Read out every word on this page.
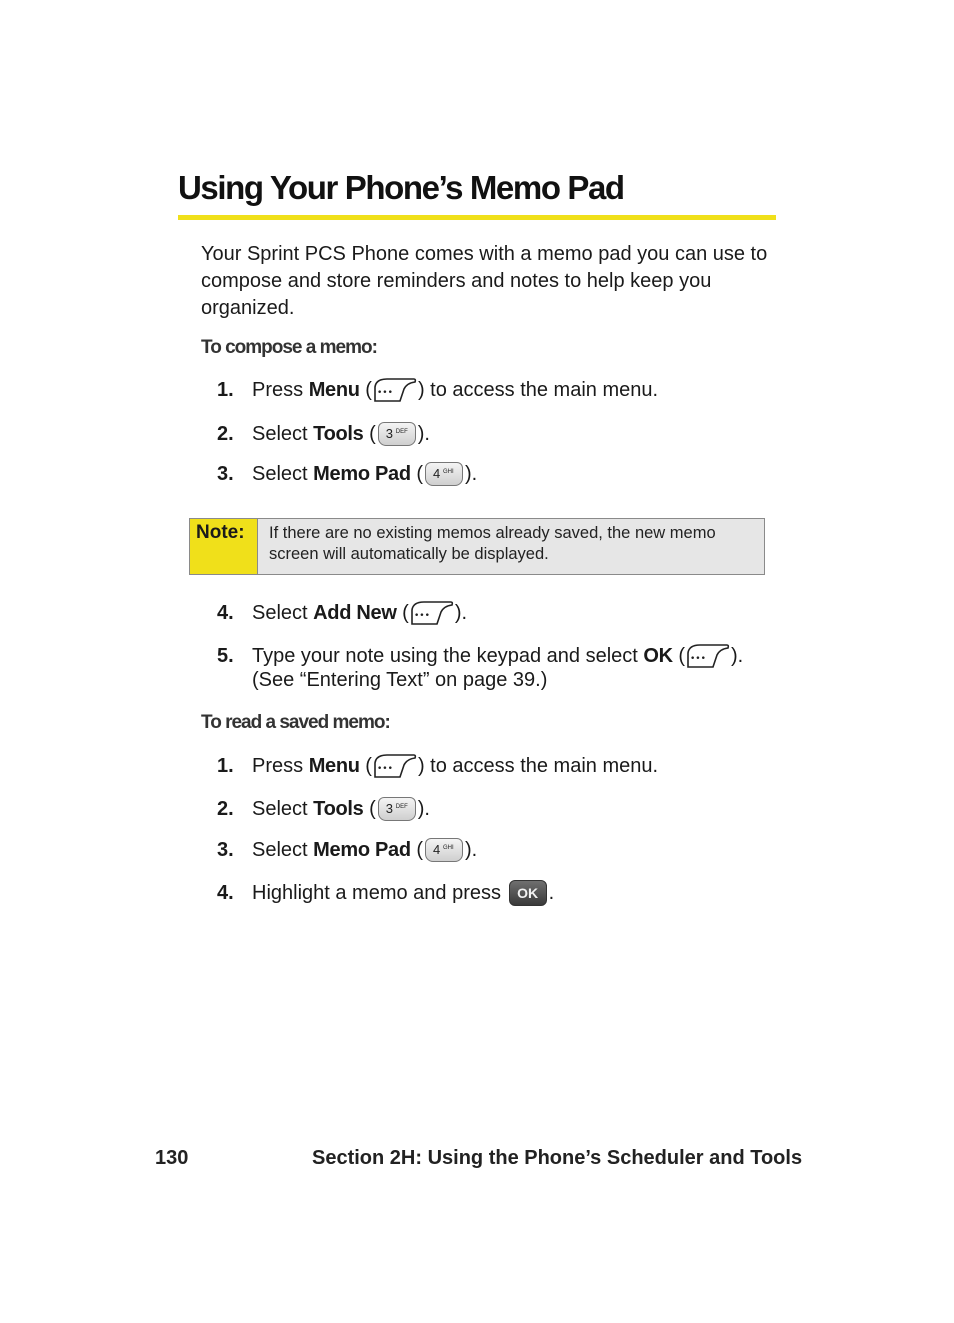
Using Your Phone’s Memo Pad

Your Sprint PCS Phone comes with a memo pad you can use to compose and store reminders and notes to help keep you organized.

To compose a memo:
1. Press Menu ( ••• ) to access the main menu.
2. Select Tools ( 3 DEF ).
3. Select Memo Pad ( 4 GHI ).
Note:	If there are no existing memos already saved, the new memo screen will automatically be displayed.
4. Select Add New ( ••• ).
5. Type your note using the keypad and select OK ( ••• ).
(See “Entering Text” on page 39.)
To read a saved memo:
1. Press Menu ( ••• ) to access the main menu.
2. Select Tools ( 3 DEF ).
3. Select Memo Pad ( 4 GHI ).
4. Highlight a memo and press OK .
130	Section 2H: Using the Phone’s Scheduler and Tools
